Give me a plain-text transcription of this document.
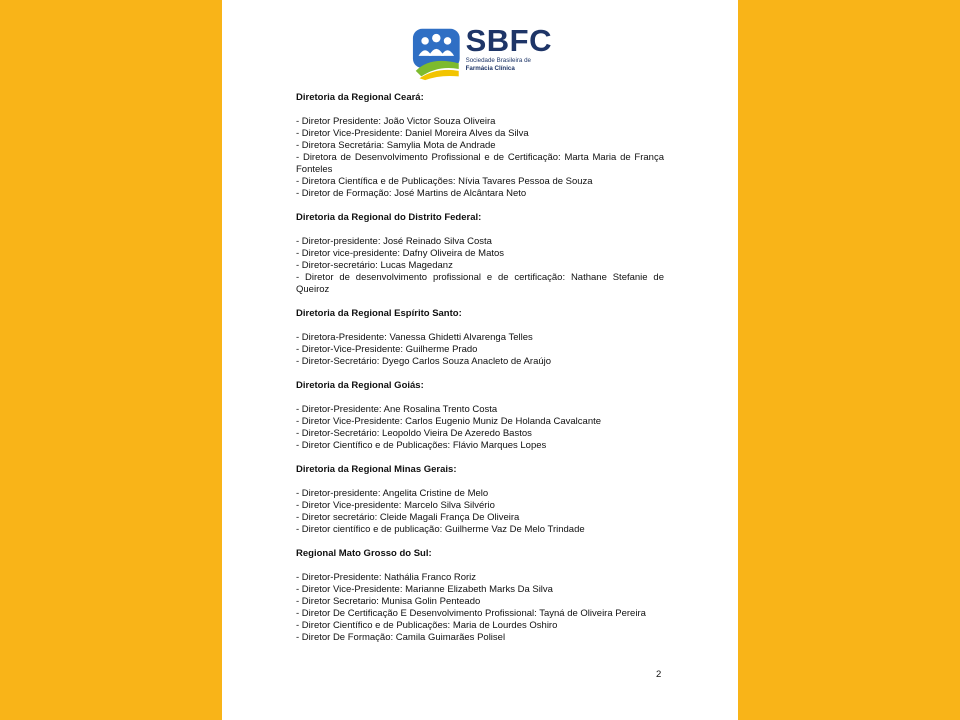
SBFC
Sociedade Brasileira de
Farmácia Clínica

Diretoria da Regional Ceará:

- Diretor Presidente: João Victor Souza Oliveira

- Diretor Vice-Presidente: Daniel Moreira Alves da Silva

- Diretora Secretária: Samylia Mota de Andrade

- Diretora de Desenvolvimento Profissional e de Certificação: Marta Maria de França Fonteles

- Diretora Científica e de Publicações: Nívia Tavares Pessoa de Souza

- Diretor de Formação: José Martins de Alcântara Neto

Diretoria da Regional do Distrito Federal:

- Diretor-presidente: José Reinado Silva Costa

- Diretor vice-presidente: Dafny Oliveira de Matos

- Diretor-secretário: Lucas Magedanz

- Diretor de desenvolvimento profissional e de certificação: Nathane Stefanie de Queiroz

Diretoria da Regional Espírito Santo:

- Diretora-Presidente: Vanessa Ghidetti Alvarenga Telles

- Diretor-Vice-Presidente: Guilherme Prado

- Diretor-Secretário: Dyego Carlos Souza Anacleto de Araújo

Diretoria da Regional Goiás:

- Diretor-Presidente: Ane Rosalina Trento Costa

- Diretor Vice-Presidente: Carlos Eugenio Muniz De Holanda Cavalcante

- Diretor-Secretário: Leopoldo Vieira De Azeredo Bastos

- Diretor Científico e de Publicações: Flávio Marques Lopes

Diretoria da Regional Minas Gerais:

- Diretor-presidente: Angelita Cristine de Melo

- Diretor Vice-presidente: Marcelo Silva Silvério

- Diretor secretário: Cleide Magali França De Oliveira

- Diretor científico e de publicação: Guilherme Vaz De Melo Trindade

Regional Mato Grosso do Sul:

- Diretor-Presidente: Nathália Franco Roriz

- Diretor Vice-Presidente: Marianne Elizabeth Marks Da Silva

- Diretor Secretario: Munisa Golin Penteado

- Diretor De Certificação E Desenvolvimento Profissional: Tayná de Oliveira Pereira

- Diretor Científico e de Publicações: Maria de Lourdes Oshiro

- Diretor De Formação: Camila Guimarães Polisel

2
